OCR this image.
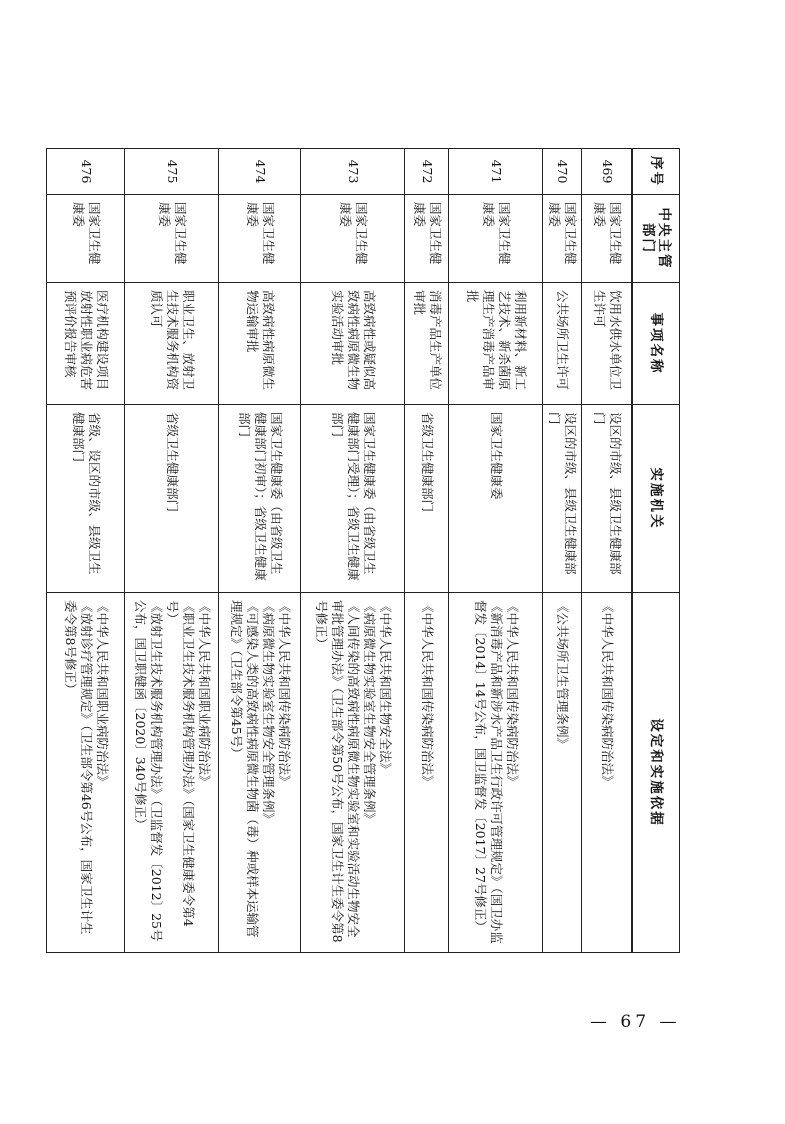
序号	中央主管部门	事项名称	实施机关	设定和实施依据
469	国家卫生健康委	饮用水供水单位卫生许可	设区的市级、县级卫生健康部门	《中华人民共和国传染病防治法》

470	国家卫生健康委	公共场所卫生许可	设区的市级、县级卫生健康部门	《公共场所卫生管理条例》

471	国家卫生健康委	利用新材料、新工艺技术、新杀菌原理生产消毒产品审批	国家卫生健康委	《中华人民共和国传染病防治法》
《新消毒产品和新涉水产品卫生行政许可管理规定》（国卫办监督发〔2014〕14号公布，国卫监督发〔2017〕27号修正）

472	国家卫生健康委	消毒产品生产单位审批	省级卫生健康部门	《中华人民共和国传染病防治法》

473	国家卫生健康委	高致病性或疑似高致病性病原微生物实验活动审批	国家卫生健康委（由省级卫生健康部门受理）；省级卫生健康部门	《中华人民共和国生物安全法》
《病原微生物实验室生物安全管理条例》
《人间传染的高致病性病原微生物实验室和实验活动生物安全审批管理办法》（卫生部令第50号公布，国家卫生计生委令第8号修正）

474	国家卫生健康委	高致病性病原微生物运输审批	国家卫生健康委（由省级卫生健康部门初审）；省级卫生健康部门	《中华人民共和国传染病防治法》
《病原微生物实验室生物安全管理条例》
《可感染人类的高致病性病原微生物菌（毒）种或样本运输管理规定》（卫生部令第45号）

475	国家卫生健康委	职业卫生、放射卫生技术服务机构资质认可	省级卫生健康部门	《中华人民共和国职业病防治法》
《职业卫生技术服务机构管理办法》（国家卫生健康委令第4号）
《放射卫生技术服务机构管理办法》（卫监督发〔2012〕25号公布，国卫职健函〔2020〕340号修正）

476	国家卫生健康委	医疗机构建设项目放射性职业病危害预评价报告审核	省级、设区的市级、县级卫生健康部门	《中华人民共和国职业病防治法》
《放射诊疗管理规定》（卫生部令第46号公布，国家卫生计生委令第8号修正）
— 67 —
